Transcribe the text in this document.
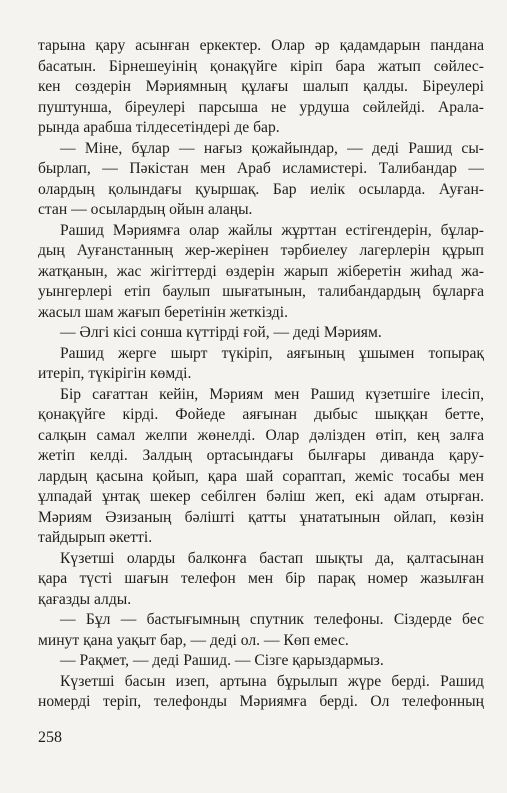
тарына қару асынған еркектер. Олар әр қадамдарын пандана
басатын. Бірнешеуінің қонақүйге кіріп бара жатып сөйлес-
кен сөздерін Мәриямның құлағы шалып қалды. Біреулері
пуштунша, біреулері парсыша не урдуша сөйлейді. Арала-
рында арабша тілдесетіндері де бар.
— Міне, бұлар — нағыз қожайындар, — деді Рашид сы-
бырлап, — Пәкістан мен Араб исламистері. Талибандар —
олардың қолындағы қуыршақ. Бар иелік осыларда. Ауған-
стан — осылардың ойын алаңы.
Рашид Мәриямға олар жайлы жұрттан естігендерін, бұлар-
дың Ауғанстанның жер-жерінен тәрбиелеу лагерлерін құрып
жатқанын, жас жігіттерді өздерін жарып жіберетін жиһад жа-
уынгерлері етіп баулып шығатынын, талибандардың бұларға
жасыл шам жағып беретінін жеткізді.
— Әлгі кісі сонша күттірді ғой, — деді Мәриям.
Рашид жерге шырт түкіріп, аяғының ұшымен топырақ
итеріп, түкірігін көмді.
Бір сағаттан кейін, Мәриям мен Рашид күзетшіге ілесіп,
қонақүйге кірді. Фойеде аяғынан дыбыс шыққан бетте,
салқын самал желпи жөнелді. Олар дәлізден өтіп, кең залға
жетіп келді. Залдың ортасындағы былғары диванда қару-
лардың қасына қойып, қара шай сораптап, жеміс тосабы мен
ұлпадай ұнтақ шекер себілген бәліш жеп, екі адам отырған.
Мәриям Әзизаның бәлішті қатты ұнататынын ойлап, көзін
тайдырып әкетті.
Күзетші оларды балконға бастап шықты да, қалтасынан
қара түсті шағын телефон мен бір парақ номер жазылған
қағазды алды.
— Бұл — бастығымның спутник телефоны. Сіздерде бес
минут қана уақыт бар, — деді ол. — Көп емес.
— Рақмет, — деді Рашид. — Сізге қарыздармыз.
Күзетші басын изеп, артына бұрылып жүре берді. Рашид
номерді теріп, телефонды Мәриямға берді. Ол телефонның
258
